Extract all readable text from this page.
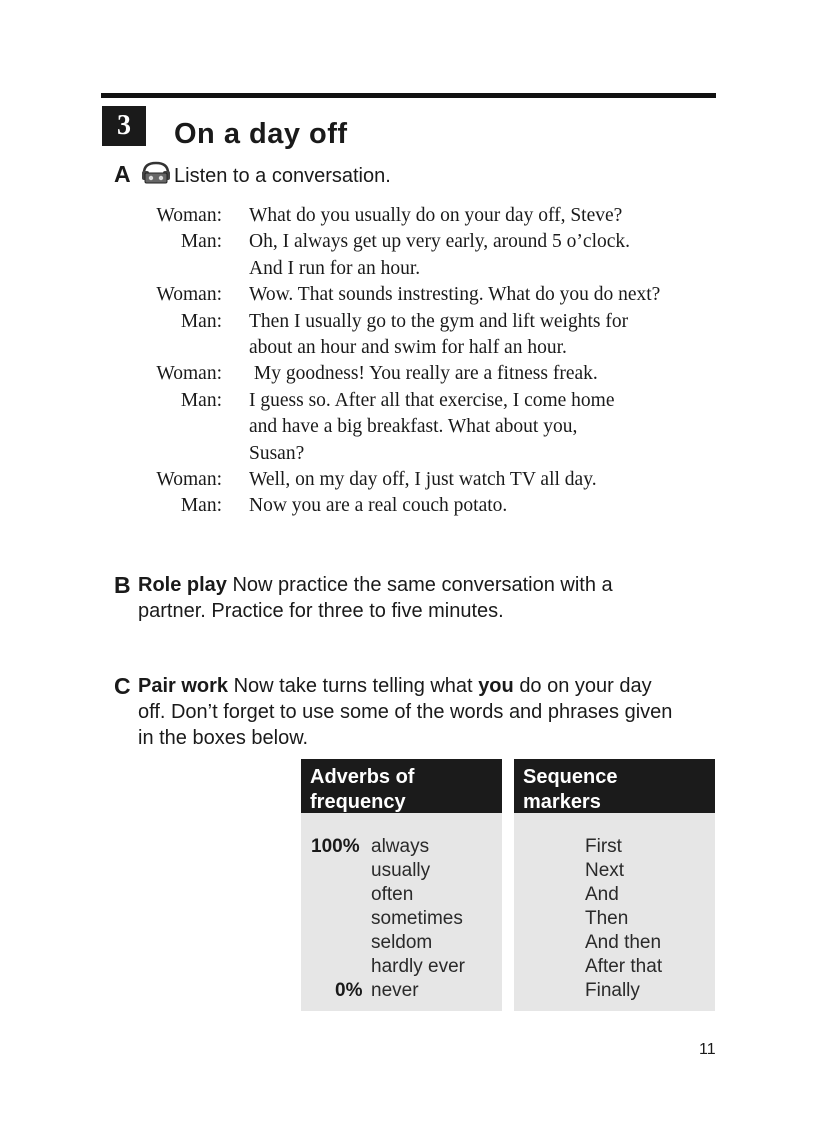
3	On a day off
A Listen to a conversation.
Woman: What do you usually do on your day off, Steve?
Man: Oh, I always get up very early, around 5 o’clock.
And I run for an hour.
Woman: Wow. That sounds instresting. What do you do next?
Man: Then I usually go to the gym and lift weights for
about an hour and swim for half an hour.
Woman: My goodness! You really are a fitness freak.
Man: I guess so. After all that exercise, I come home
and have a big breakfast. What about you,
Susan?
Woman: Well, on my day off, I just watch TV all day.
Man: Now you are a real couch potato.
B Role play Now practice the same conversation with a
partner. Practice for three to five minutes.
C Pair work Now take turns telling what you do on your day
off. Don’t forget to use some of the words and phrases given
in the boxes below.
Adverbs of
frequency
100% always
usually
often
sometimes
seldom
hardly ever
0% never
Sequence
markers
First
Next
And
Then
And then
After that
Finally
11
